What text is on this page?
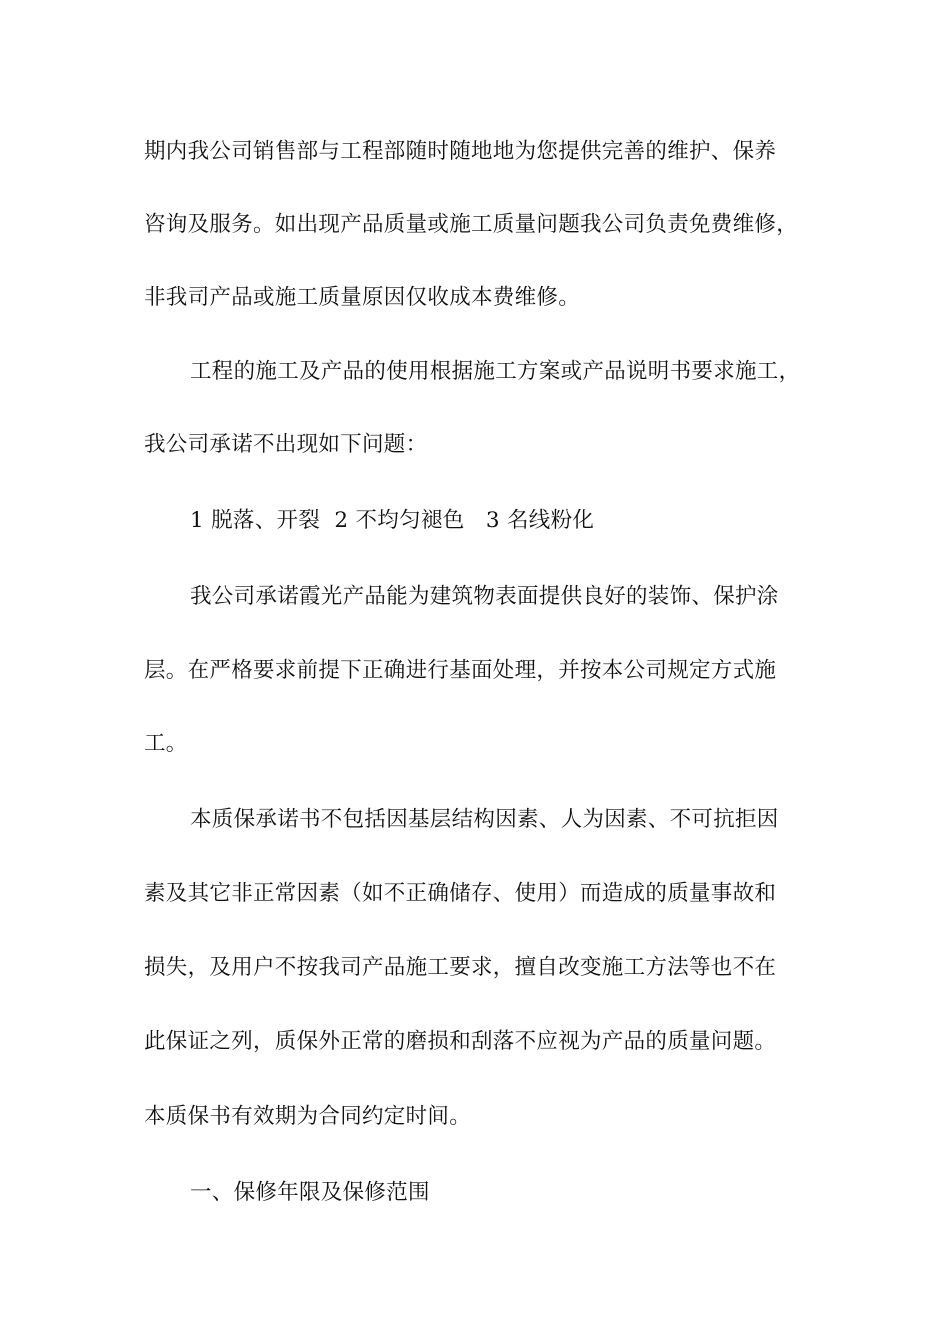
期内我公司销售部与工程部随时随地地为您提供完善的维护、保养
咨询及服务。如出现产品质量或施工质量问题我公司负责免费维修，
非我司产品或施工质量原因仅收成本费维修。
工程的施工及产品的使用根据施工方案或产品说明书要求施工，
我公司承诺不出现如下问题：
1 脱落、开裂  2 不均匀褪色   3 名线粉化
我公司承诺霞光产品能为建筑物表面提供良好的装饰、保护涂
层。在严格要求前提下正确进行基面处理，并按本公司规定方式施
工。
本质保承诺书不包括因基层结构因素、人为因素、不可抗拒因
素及其它非正常因素（如不正确储存、使用）而造成的质量事故和
损失，及用户不按我司产品施工要求，擅自改变施工方法等也不在
此保证之列，质保外正常的磨损和刮落不应视为产品的质量问题。
本质保书有效期为合同约定时间。
一、保修年限及保修范围
